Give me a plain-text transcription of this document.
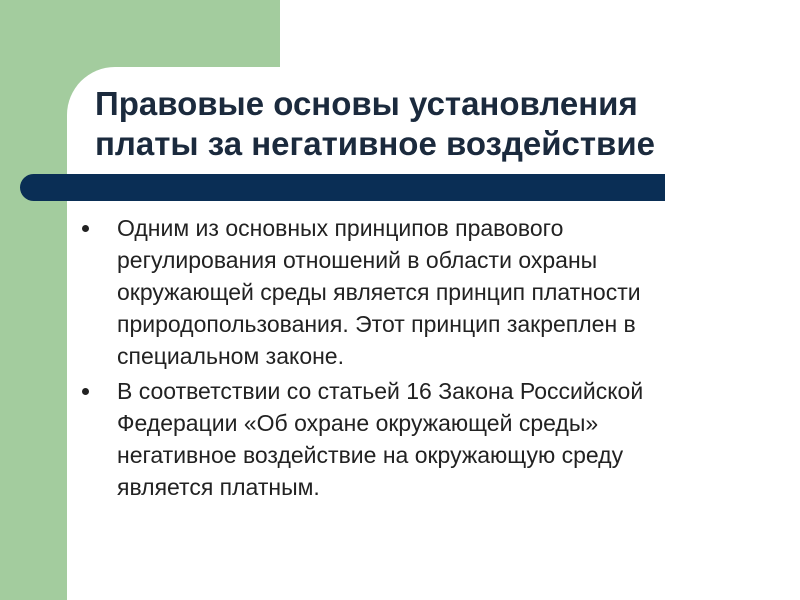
Правовые основы установления
платы за негативное воздействие
Одним из основных принципов правового
регулирования отношений в области охраны
окружающей среды является принцип платности
природопользования. Этот принцип закреплен в
специальном законе.
В соответствии со статьей 16 Закона Российской
Федерации «Об охране окружающей среды»
негативное воздействие на окружающую среду
является платным.
